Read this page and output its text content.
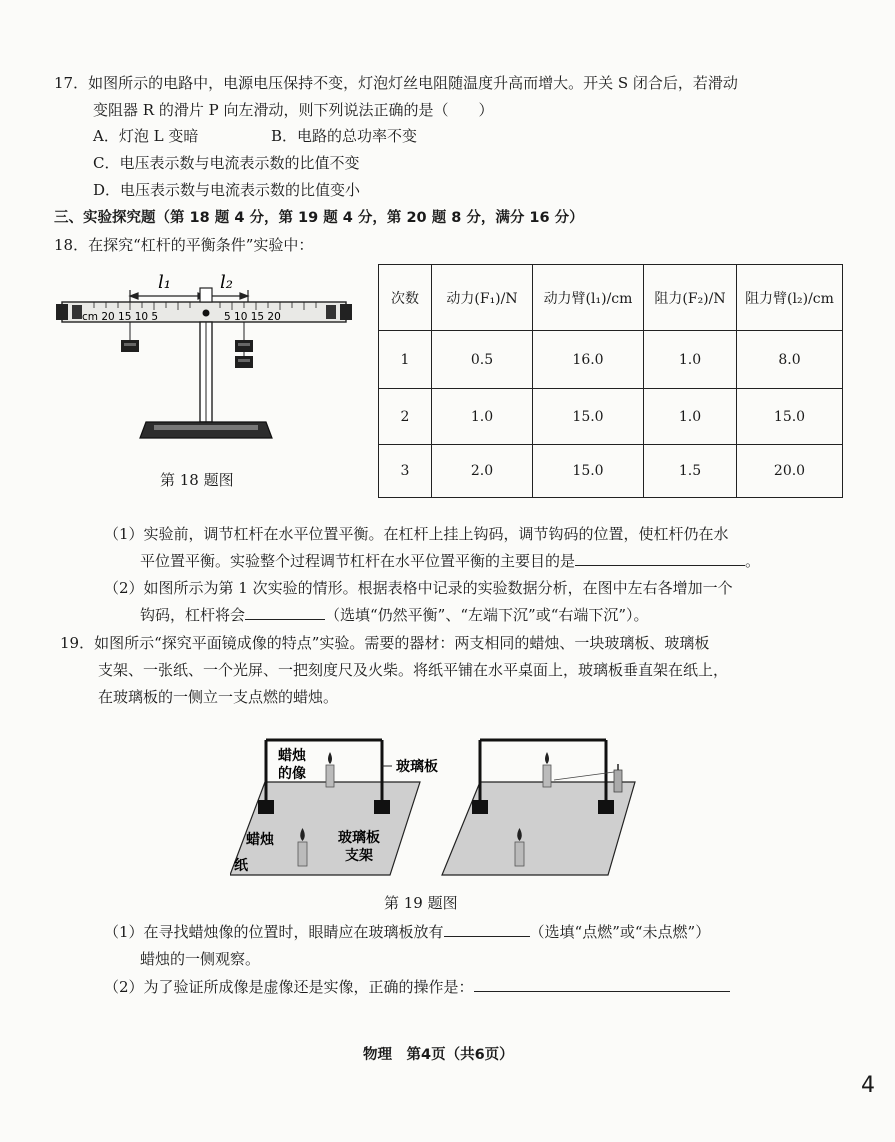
17．如图所示的电路中，电源电压保持不变，灯泡灯丝电阻随温度升高而增大。开关 S 闭合后，若滑动
变阻器 R 的滑片 P 向左滑动，则下列说法正确的是（　　）
A．灯泡 L 变暗	B．电路的总功率不变
C．电压表示数与电流表示数的比值不变
D．电压表示数与电流表示数的比值变小
三、实验探究题（第 18 题 4 分，第 19 题 4 分，第 20 题 8 分，满分 16 分）
18．在探究“杠杆的平衡条件”实验中：
l₁	l₂
cm 20 15 10 5	5 10 15 20
第 18 题图
次数	动力(F₁)/N	动力臂(l₁)/cm	阻力(F₂)/N	阻力臂(l₂)/cm
1	0.5	16.0	1.0	8.0
2	1.0	15.0	1.0	15.0
3	2.0	15.0	1.5	20.0
（1）实验前，调节杠杆在水平位置平衡。在杠杆上挂上钩码，调节钩码的位置，使杠杆仍在水
平位置平衡。实验整个过程调节杠杆在水平位置平衡的主要目的是	。
（2）如图所示为第 1 次实验的情形。根据表格中记录的实验数据分析，在图中左右各增加一个
钩码，杠杆将会	（选填“仍然平衡”、“左端下沉”或“右端下沉”）。
19．如图所示“探究平面镜成像的特点”实验。需要的器材：两支相同的蜡烛、一块玻璃板、玻璃板
支架、一张纸、一个光屏、一把刻度尺及火柴。将纸平铺在水平桌面上，玻璃板垂直架在纸上，
在玻璃板的一侧立一支点燃的蜡烛。
蜡烛
的像	玻璃板
蜡烛	玻璃板
支架
纸
第 19 题图
（1）在寻找蜡烛像的位置时，眼睛应在玻璃板放有	（选填“点燃”或“未点燃”）
蜡烛的一侧观察。
（2）为了验证所成像是虚像还是实像，正确的操作是：
物理　第4页（共6页）
4
